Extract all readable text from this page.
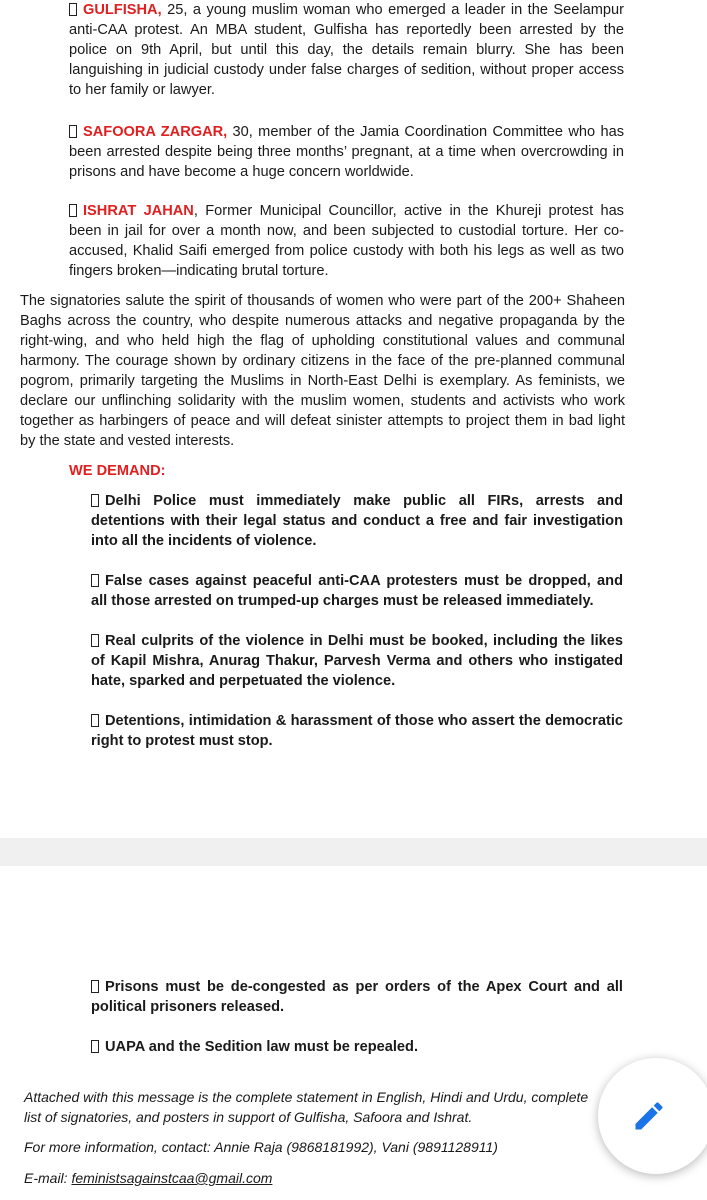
GULFISHA, 25, a young muslim woman who emerged a leader in the Seelampur anti-CAA protest. An MBA student, Gulfisha has reportedly been arrested by the police on 9th April, but until this day, the details remain blurry. She has been languishing in judicial custody under false charges of sedition, without proper access to her family or lawyer.
SAFOORA ZARGAR, 30, member of the Jamia Coordination Committee who has been arrested despite being three months’ pregnant, at a time when overcrowding in prisons and have become a huge concern worldwide.
ISHRAT JAHAN, Former Municipal Councillor, active in the Khureji protest has been in jail for over a month now, and been subjected to custodial torture. Her co-accused, Khalid Saifi emerged from police custody with both his legs as well as two fingers broken—indicating brutal torture.
The signatories salute the spirit of thousands of women who were part of the 200+ Shaheen Baghs across the country, who despite numerous attacks and negative propaganda by the right-wing, and who held high the flag of upholding constitutional values and communal harmony. The courage shown by ordinary citizens in the face of the pre-planned communal pogrom, primarily targeting the Muslims in North-East Delhi is exemplary. As feminists, we declare our unflinching solidarity with the muslim women, students and activists who work together as harbingers of peace and will defeat sinister attempts to project them in bad light by the state and vested interests.
WE DEMAND:
Delhi Police must immediately make public all FIRs, arrests and detentions with their legal status and conduct a free and fair investigation into all the incidents of violence.
False cases against peaceful anti-CAA protesters must be dropped, and all those arrested on trumped-up charges must be released immediately.
Real culprits of the violence in Delhi must be booked, including the likes of Kapil Mishra, Anurag Thakur, Parvesh Verma and others who instigated hate, sparked and perpetuated the violence.
Detentions, intimidation & harassment of those who assert the democratic right to protest must stop.
Prisons must be de-congested as per orders of the Apex Court and all political prisoners released.
UAPA and the Sedition law must be repealed.
Attached with this message is the complete statement in English, Hindi and Urdu, complete list of signatories, and posters in support of Gulfisha, Safoora and Ishrat.
For more information, contact: Annie Raja (9868181992), Vani (9891128911)
E-mail: feministsagainstcaa@gmail.com
